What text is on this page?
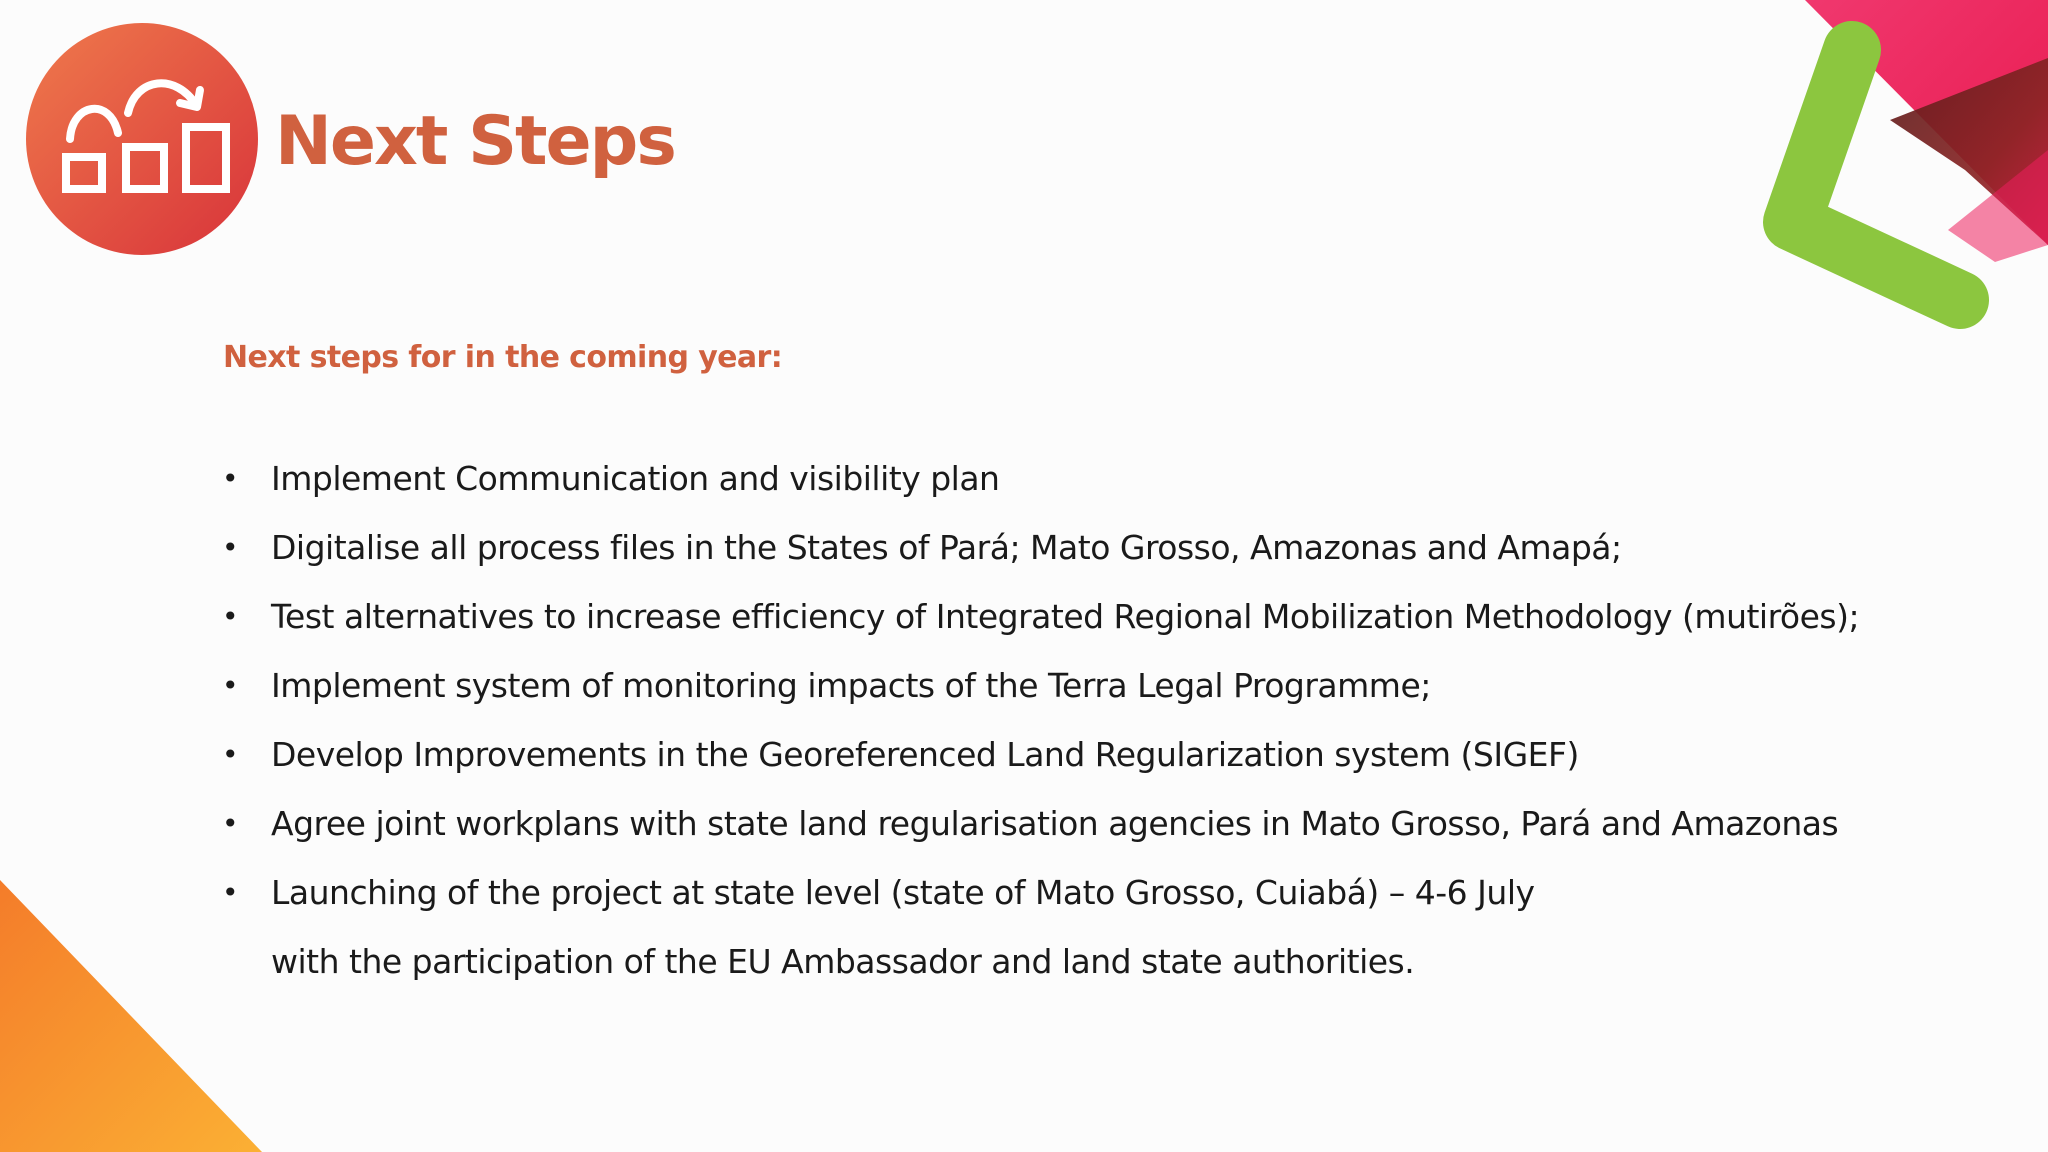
Next Steps
Next steps for in the coming year:
• Implement Communication and visibility plan
• Digitalise all process files in the States of Pará; Mato Grosso, Amazonas and Amapá;
• Test alternatives to increase efficiency of Integrated Regional Mobilization Methodology (mutirões);
• Implement system of monitoring impacts of the Terra Legal Programme;
• Develop Improvements in the Georeferenced Land Regularization system (SIGEF)
• Agree joint workplans with state land regularisation agencies in Mato Grosso, Pará and Amazonas
• Launching of the project at state level (state of Mato Grosso, Cuiabá) – 4-6 July with the participation of the EU Ambassador and land state authorities.
